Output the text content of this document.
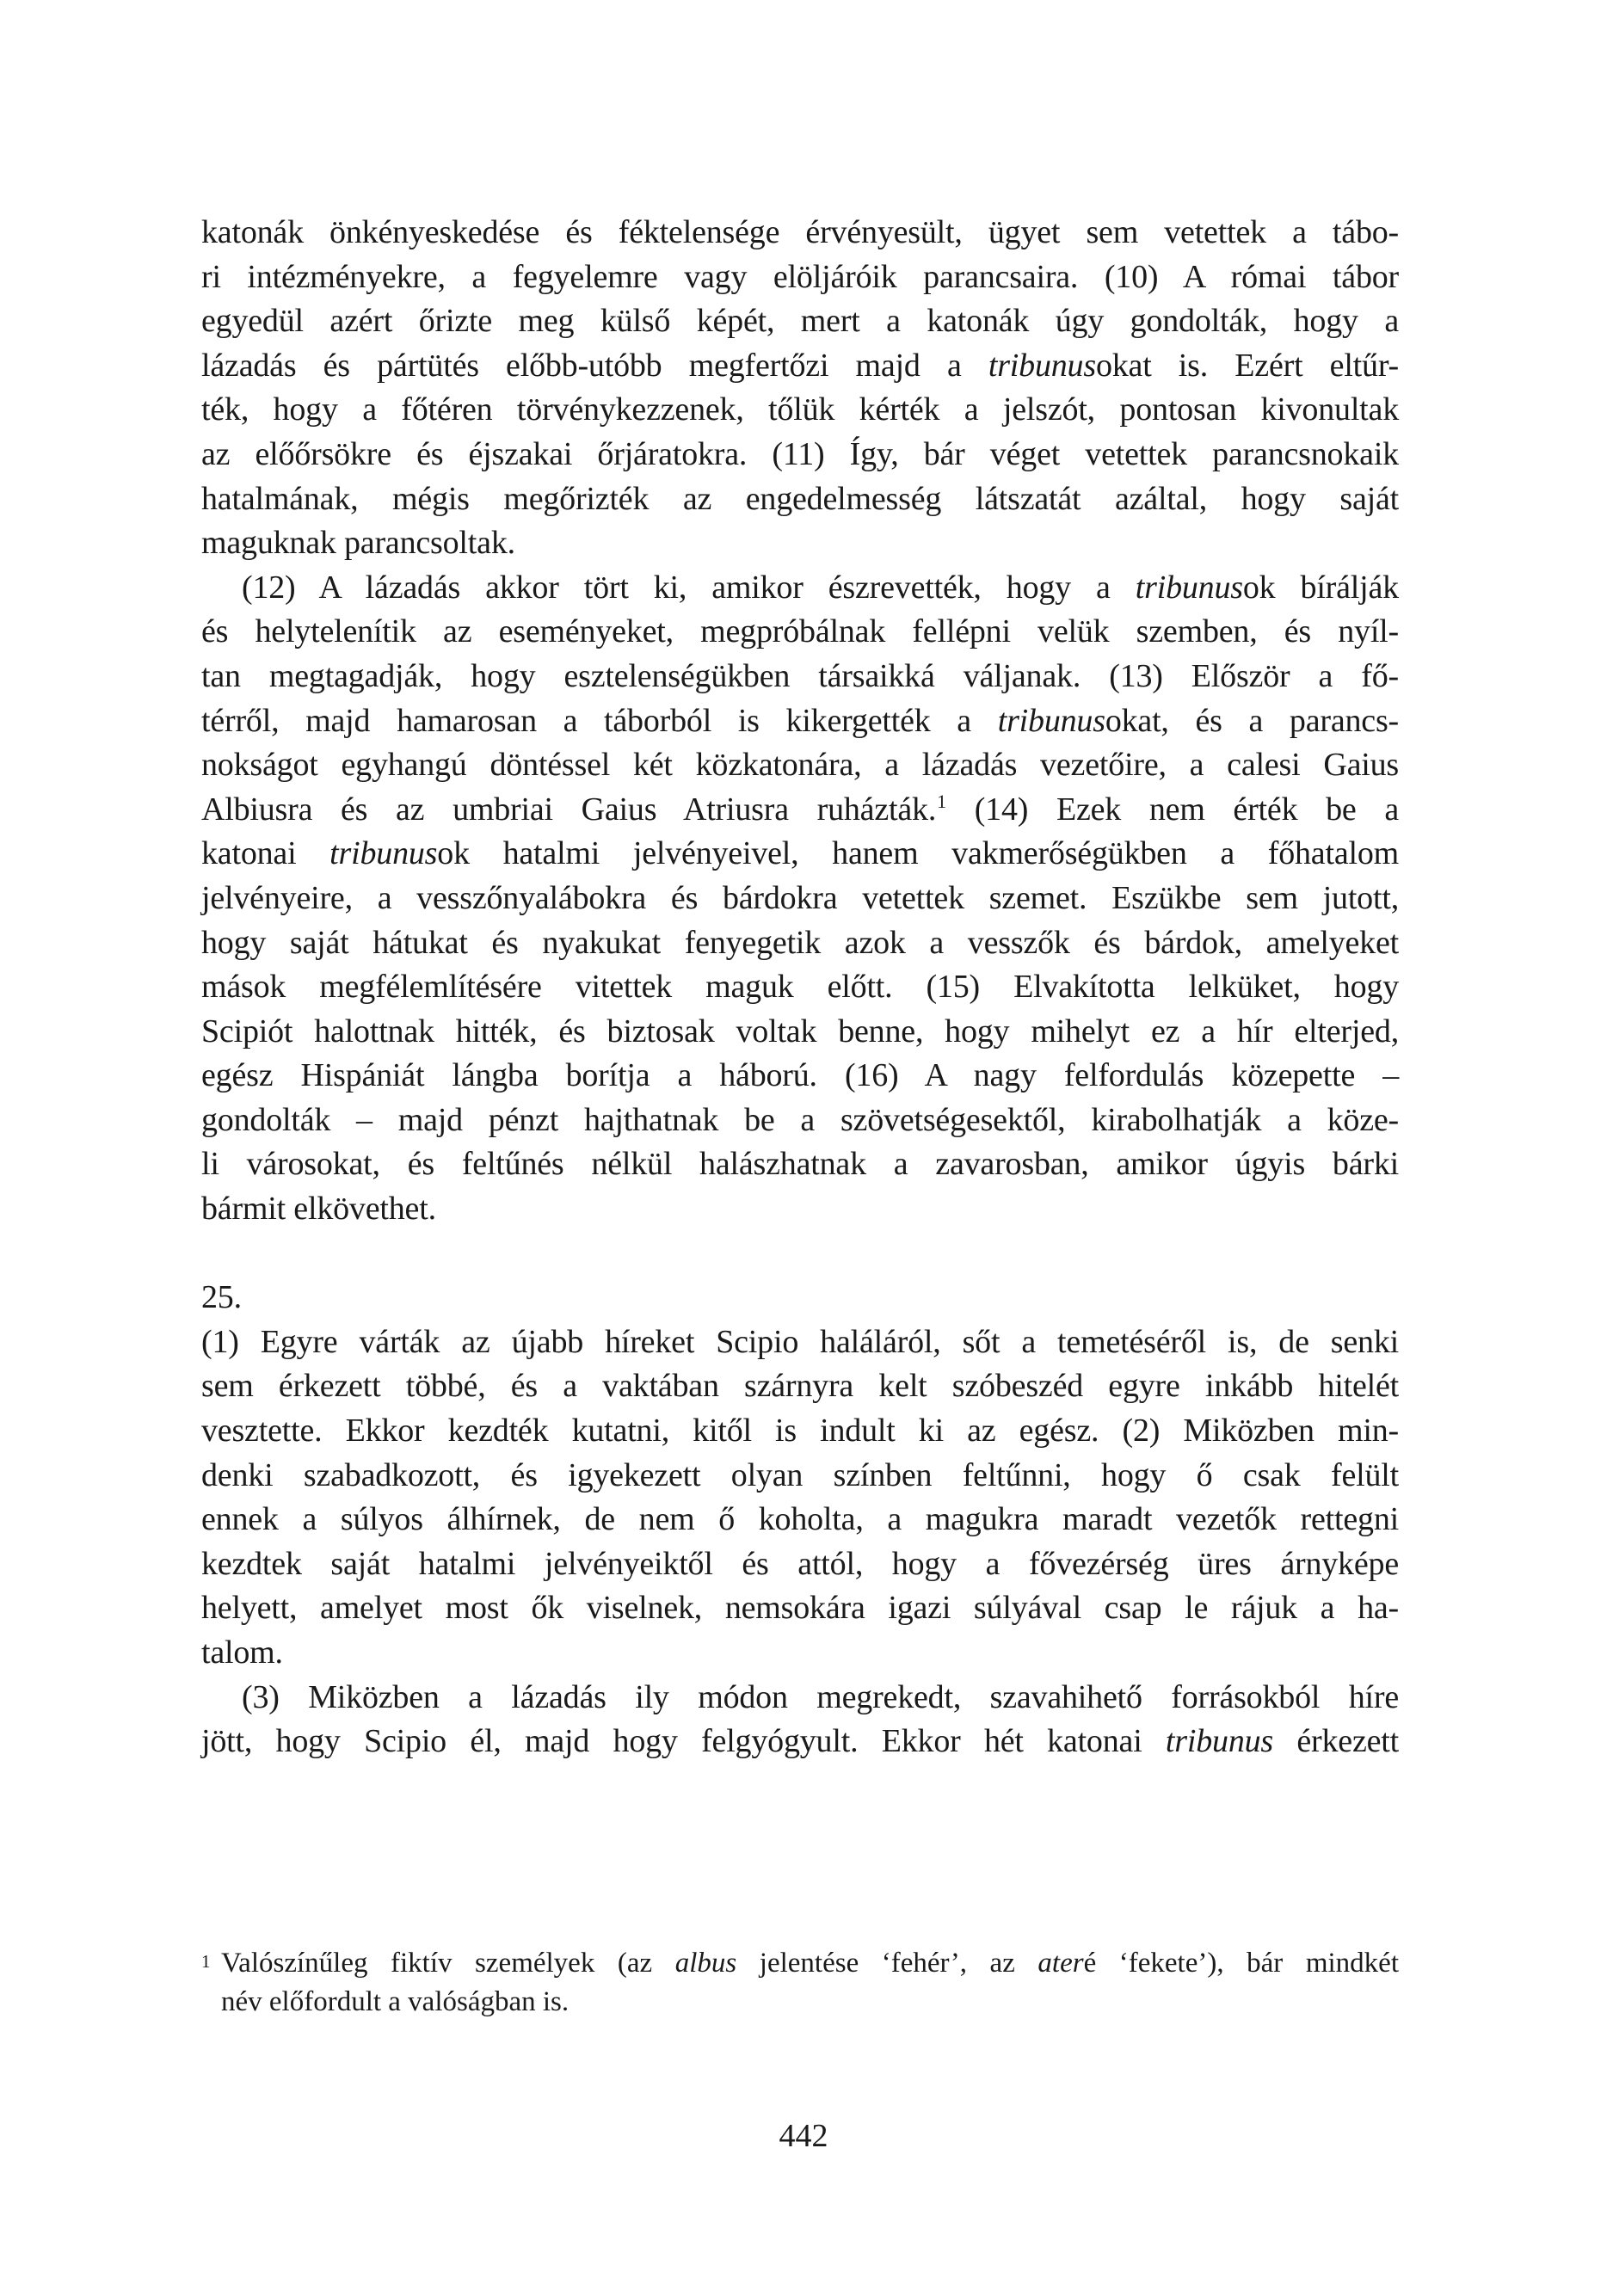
katonák önkényeskedése és féktelensége érvényesült, ügyet sem vetettek a tábo-
ri intézményekre, a fegyelemre vagy elöljáróik parancsaira. (10) A római tábor
egyedül azért őrizte meg külső képét, mert a katonák úgy gondolták, hogy a
lázadás és pártütés előbb-utóbb megfertőzi majd a tribunusokat is. Ezért eltűr-
ték, hogy a főtéren törvénykezzenek, tőlük kérték a jelszót, pontosan kivonultak
az előőrsökre és éjszakai őrjáratokra. (11) Így, bár véget vetettek parancsnokaik
hatalmának, mégis megőrizték az engedelmesség látszatát azáltal, hogy saját
maguknak parancsoltak.
(12) A lázadás akkor tört ki, amikor észrevették, hogy a tribunusok bírálják
és helytelenítik az eseményeket, megpróbálnak fellépni velük szemben, és nyíl-
tan megtagadják, hogy esztelenségükben társaikká váljanak. (13) Először a fő-
térről, majd hamarosan a táborból is kikergették a tribunusokat, és a parancs-
nokságot egyhangú döntéssel két közkatonára, a lázadás vezetőire, a calesi Gaius
Albiusra és az umbriai Gaius Atriusra ruházták.$^1$ (14) Ezek nem érték be a
katonai tribunusok hatalmi jelvényeivel, hanem vakmerőségükben a főhatalom
jelvényeire, a vesszőnyalábokra és bárdokra vetettek szemet. Eszükbe sem jutott,
hogy saját hátukat és nyakukat fenyegetik azok a vesszők és bárdok, amelyeket
mások megfélemlítésére vitettek maguk előtt. (15) Elvakította lelküket, hogy
Scipiót halottnak hitték, és biztosak voltak benne, hogy mihelyt ez a hír elterjed,
egész Hispániát lángba borítja a háború. (16) A nagy felfordulás közepette –
gondolták – majd pénzt hajthatnak be a szövetségesektől, kirabolhatják a köze-
li városokat, és feltűnés nélkül halászhatnak a zavarosban, amikor úgyis bárki
bármit elkövethet.
25.
(1) Egyre várták az újabb híreket Scipio haláláról, sőt a temetéséről is, de senki
sem érkezett többé, és a vaktában szárnyra kelt szóbeszéd egyre inkább hitelét
vesztette. Ekkor kezdték kutatni, kitől is indult ki az egész. (2) Miközben min-
denki szabadkozott, és igyekezett olyan színben feltűnni, hogy ő csak felült
ennek a súlyos álhírnek, de nem ő koholta, a magukra maradt vezetők rettegni
kezdtek saját hatalmi jelvényeiktől és attól, hogy a fővezérség üres árnyképe
helyett, amelyet most ők viselnek, nemsokára igazi súlyával csap le rájuk a ha-
talom.
(3) Miközben a lázadás ily módon megrekedt, szavahihető forrásokból híre
jött, hogy Scipio él, majd hogy felgyógyult. Ekkor hét katonai tribunus érkezett
1 Valószínűleg fiktív személyek (az albus jelentése ‘fehér’, az ateré ‘fekete’), bár mindkét
név előfordult a valóságban is.
442
